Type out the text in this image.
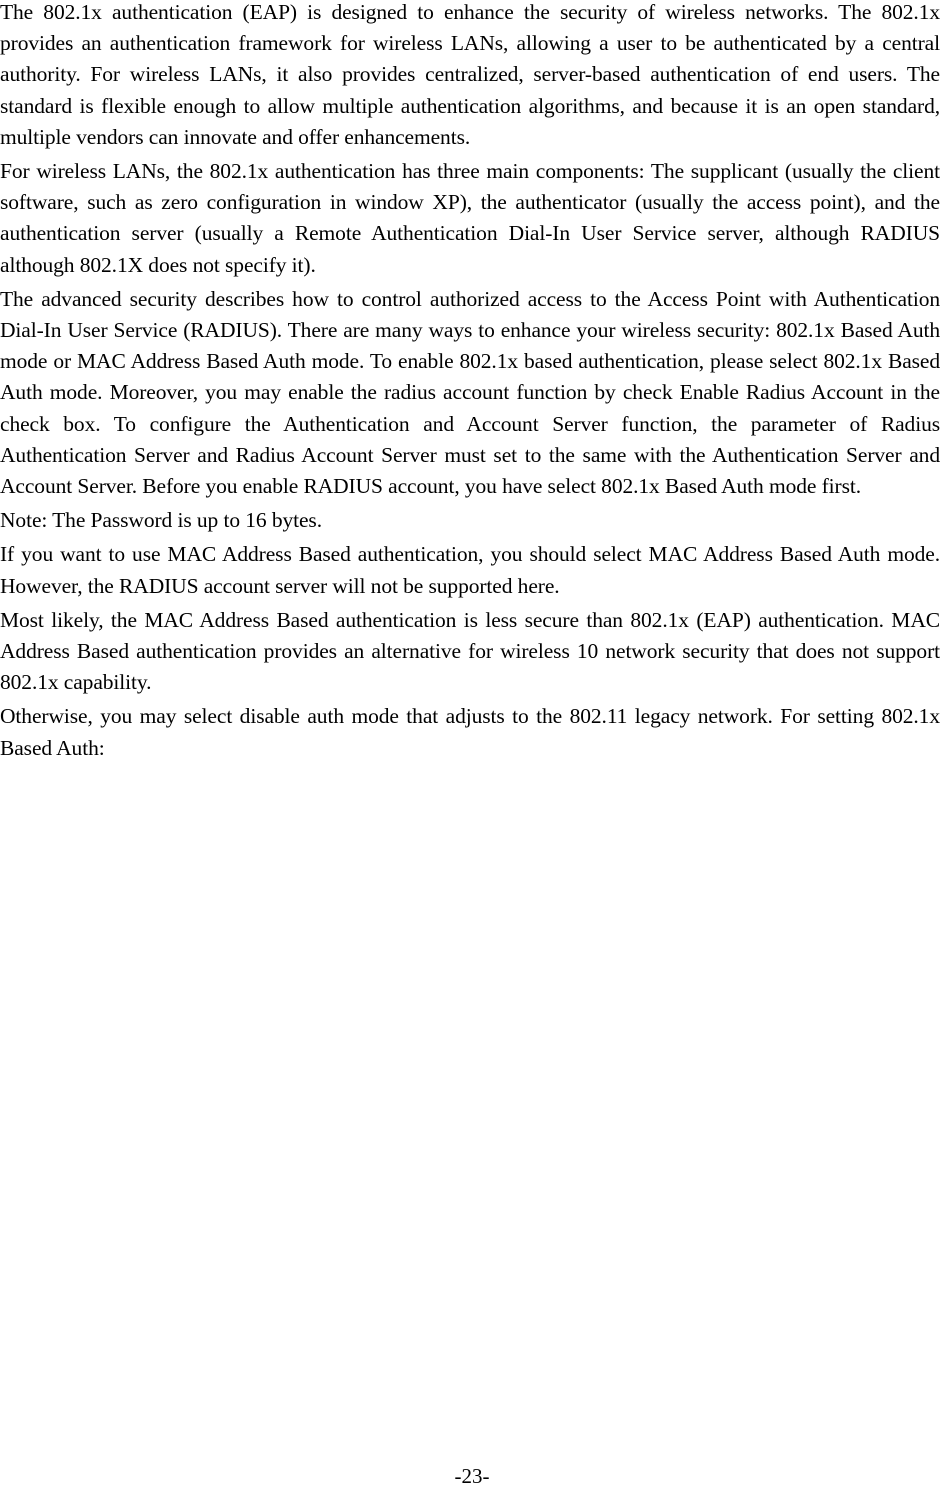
The 802.1x authentication (EAP) is designed to enhance the security of wireless networks. The 802.1x provides an authentication framework for wireless LANs, allowing a user to be authenticated by a central authority. For wireless LANs, it also provides centralized, server-based authentication of end users. The standard is flexible enough to allow multiple authentication algorithms, and because it is an open standard, multiple vendors can innovate and offer enhancements.

For wireless LANs, the 802.1x authentication has three main components: The supplicant (usually the client software, such as zero configuration in window XP), the authenticator (usually the access point), and the authentication server (usually a Remote Authentication Dial-In User Service server, although RADIUS although 802.1X does not specify it).

The advanced security describes how to control authorized access to the Access Point with Authentication Dial-In User Service (RADIUS). There are many ways to enhance your wireless security: 802.1x Based Auth mode or MAC Address Based Auth mode. To enable 802.1x based authentication, please select 802.1x Based Auth mode. Moreover, you may enable the radius account function by check Enable Radius Account in the check box. To configure the Authentication and Account Server function, the parameter of Radius Authentication Server and Radius Account Server must set to the same with the Authentication Server and Account Server. Before you enable RADIUS account, you have select 802.1x Based Auth mode first.

Note: The Password is up to 16 bytes.

If you want to use MAC Address Based authentication, you should select MAC Address Based Auth mode. However, the RADIUS account server will not be supported here.

Most likely, the MAC Address Based authentication is less secure than 802.1x (EAP) authentication. MAC Address Based authentication provides an alternative for wireless 10 network security that does not support 802.1x capability.

Otherwise, you may select disable auth mode that adjusts to the 802.11 legacy network. For setting 802.1x Based Auth:

-23-
